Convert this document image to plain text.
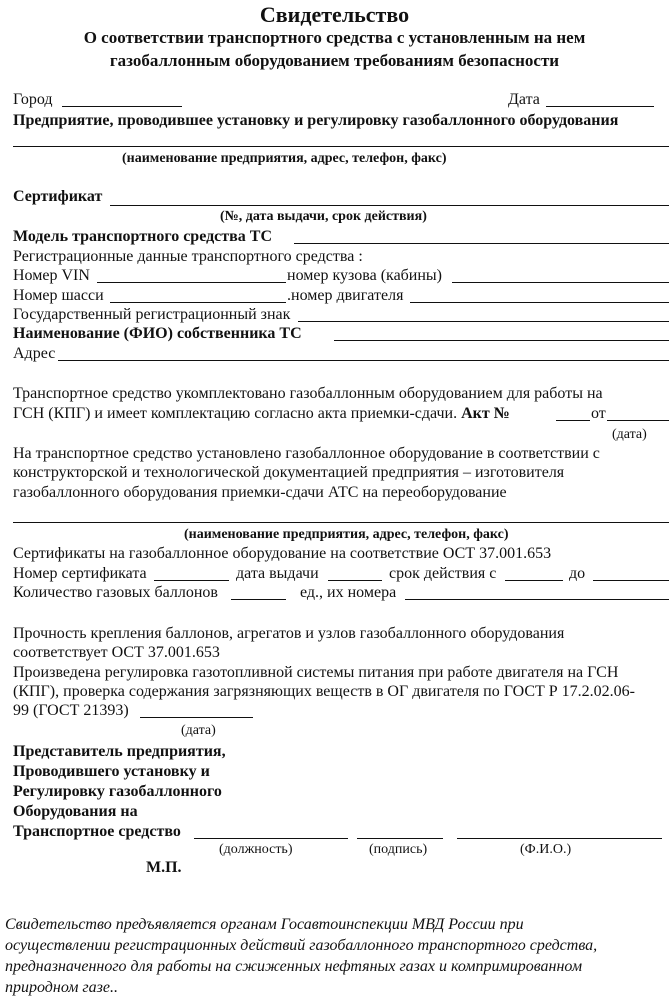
Свидетельство
О соответствии транспортного средства с установленным на нем
газобаллонным оборудованием требованиям безопасности
Город	Дата
Предприятие, проводившее установку и регулировку газобаллонного оборудования
(наименование предприятия, адрес, телефон, факс)
Сертификат
(№, дата выдачи, срок действия)
Модель транспортного средства ТС
Регистрационные данные транспортного средства :
Номер VIN	номер кузова (кабины)
Номер шасси	.номер двигателя
Государственный регистрационный знак
Наименование (ФИО) собственника ТС
Адрес
Транспортное средство укомплектовано газобаллонным оборудованием для работы на
ГСН (КПГ) и имеет комплектацию согласно акта приемки-сдачи. Акт №	от
(дата)
На транспортное средство установлено газобаллонное оборудование в соответствии с
конструкторской и технологической документацией предприятия – изготовителя
газобаллонного оборудования приемки-сдачи АТС на переоборудование
(наименование предприятия, адрес, телефон, факс)
Сертификаты на газобаллонное оборудование на соответствие ОСТ 37.001.653
Номер сертификата	дата выдачи	срок действия с	до
Количество газовых баллонов	ед., их номера
Прочность крепления баллонов, агрегатов и узлов газобаллонного оборудования
соответствует ОСТ 37.001.653
Произведена регулировка газотопливной системы питания при работе двигателя на ГСН
(КПГ), проверка содержания загрязняющих веществ в ОГ двигателя по ГОСТ Р 17.2.02.06-
99 (ГОСТ 21393)
(дата)
Представитель предприятия,
Проводившего установку и
Регулировку газобаллонного
Оборудования на
Транспортное средство
(должность)	(подпись)	(Ф.И.О.)
М.П.
Свидетельство предъявляется органам Госавтоинспекции МВД России при
осуществлении регистрационных действий газобаллонного транспортного средства,
предназначенного для работы на сжиженных нефтяных газах и компримированном
природном газе..
